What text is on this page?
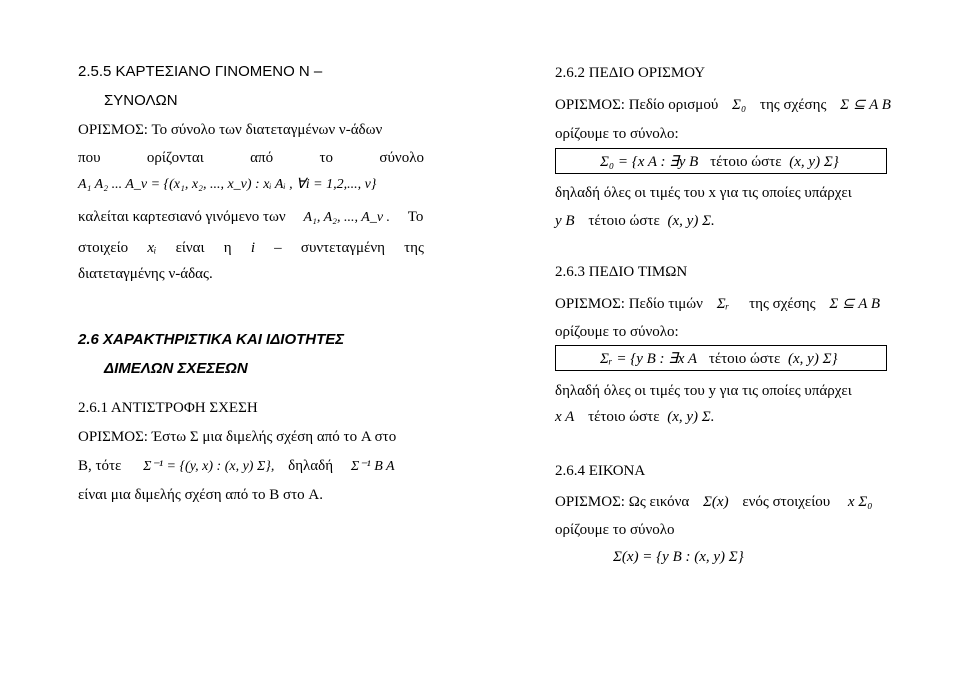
2.5.5 ΚΑΡΤΕΣΙΑΝΟ ΓΙΝΟΜΕΝΟ Ν –
ΣΥΝΟΛΩΝ
ΟΡΙΣΜΟΣ: Το σύνολο των διατεταγμένων ν-άδων
που	ορίζονται	από	το	σύνολο
A₁ A₂ ... A_ν = {(x₁, x₂, ..., x_ν) : xᵢ Aᵢ , ∀i = 1,2,..., ν}
καλείται καρτεσιανό γινόμενο των A₁, A₂, ..., A_ν . Το
στοιχείο xᵢ είναι η i – συντεταγμένη της
διατεταγμένης ν-άδας.
2.6 ΧΑΡΑΚΤΗΡΙΣΤΙΚΑ ΚΑΙ ΙΔΙΟΤΗΤΕΣ
ΔΙΜΕΛΩΝ ΣΧΕΣΕΩΝ
2.6.1 ΑΝΤΙΣΤΡΟΦΗ ΣΧΕΣΗ
ΟΡΙΣΜΟΣ: Έστω Σ μια διμελής σχέση από το A στο
B, τότε Σ⁻¹ = {(y, x) : (x, y) Σ}, δηλαδή Σ⁻¹ B A
είναι μια διμελής σχέση από το B στο A.
2.6.2 ΠΕΔΙΟ ΟΡΙΣΜΟΥ
ΟΡΙΣΜΟΣ: Πεδίο ορισμού Σ₀ της σχέσης Σ ⊆ A B
ορίζουμε το σύνολο:
Σ₀ = {x A : ∃y B τέτοιο ώστε (x, y) Σ}
δηλαδή όλες οι τιμές του x για τις οποίες υπάρχει
y B τέτοιο ώστε (x, y) Σ.
2.6.3 ΠΕΔΙΟ ΤΙΜΩΝ
ΟΡΙΣΜΟΣ: Πεδίο τιμών Σᵣ της σχέσης Σ ⊆ A B
ορίζουμε το σύνολο:
Σᵣ = {y B : ∃x A τέτοιο ώστε (x, y) Σ}
δηλαδή όλες οι τιμές του y για τις οποίες υπάρχει
x A τέτοιο ώστε (x, y) Σ.
2.6.4 ΕΙΚΟΝΑ
ΟΡΙΣΜΟΣ: Ως εικόνα Σ(x) ενός στοιχείου x Σ₀
ορίζουμε το σύνολο
Σ(x) = {y B : (x, y) Σ}
